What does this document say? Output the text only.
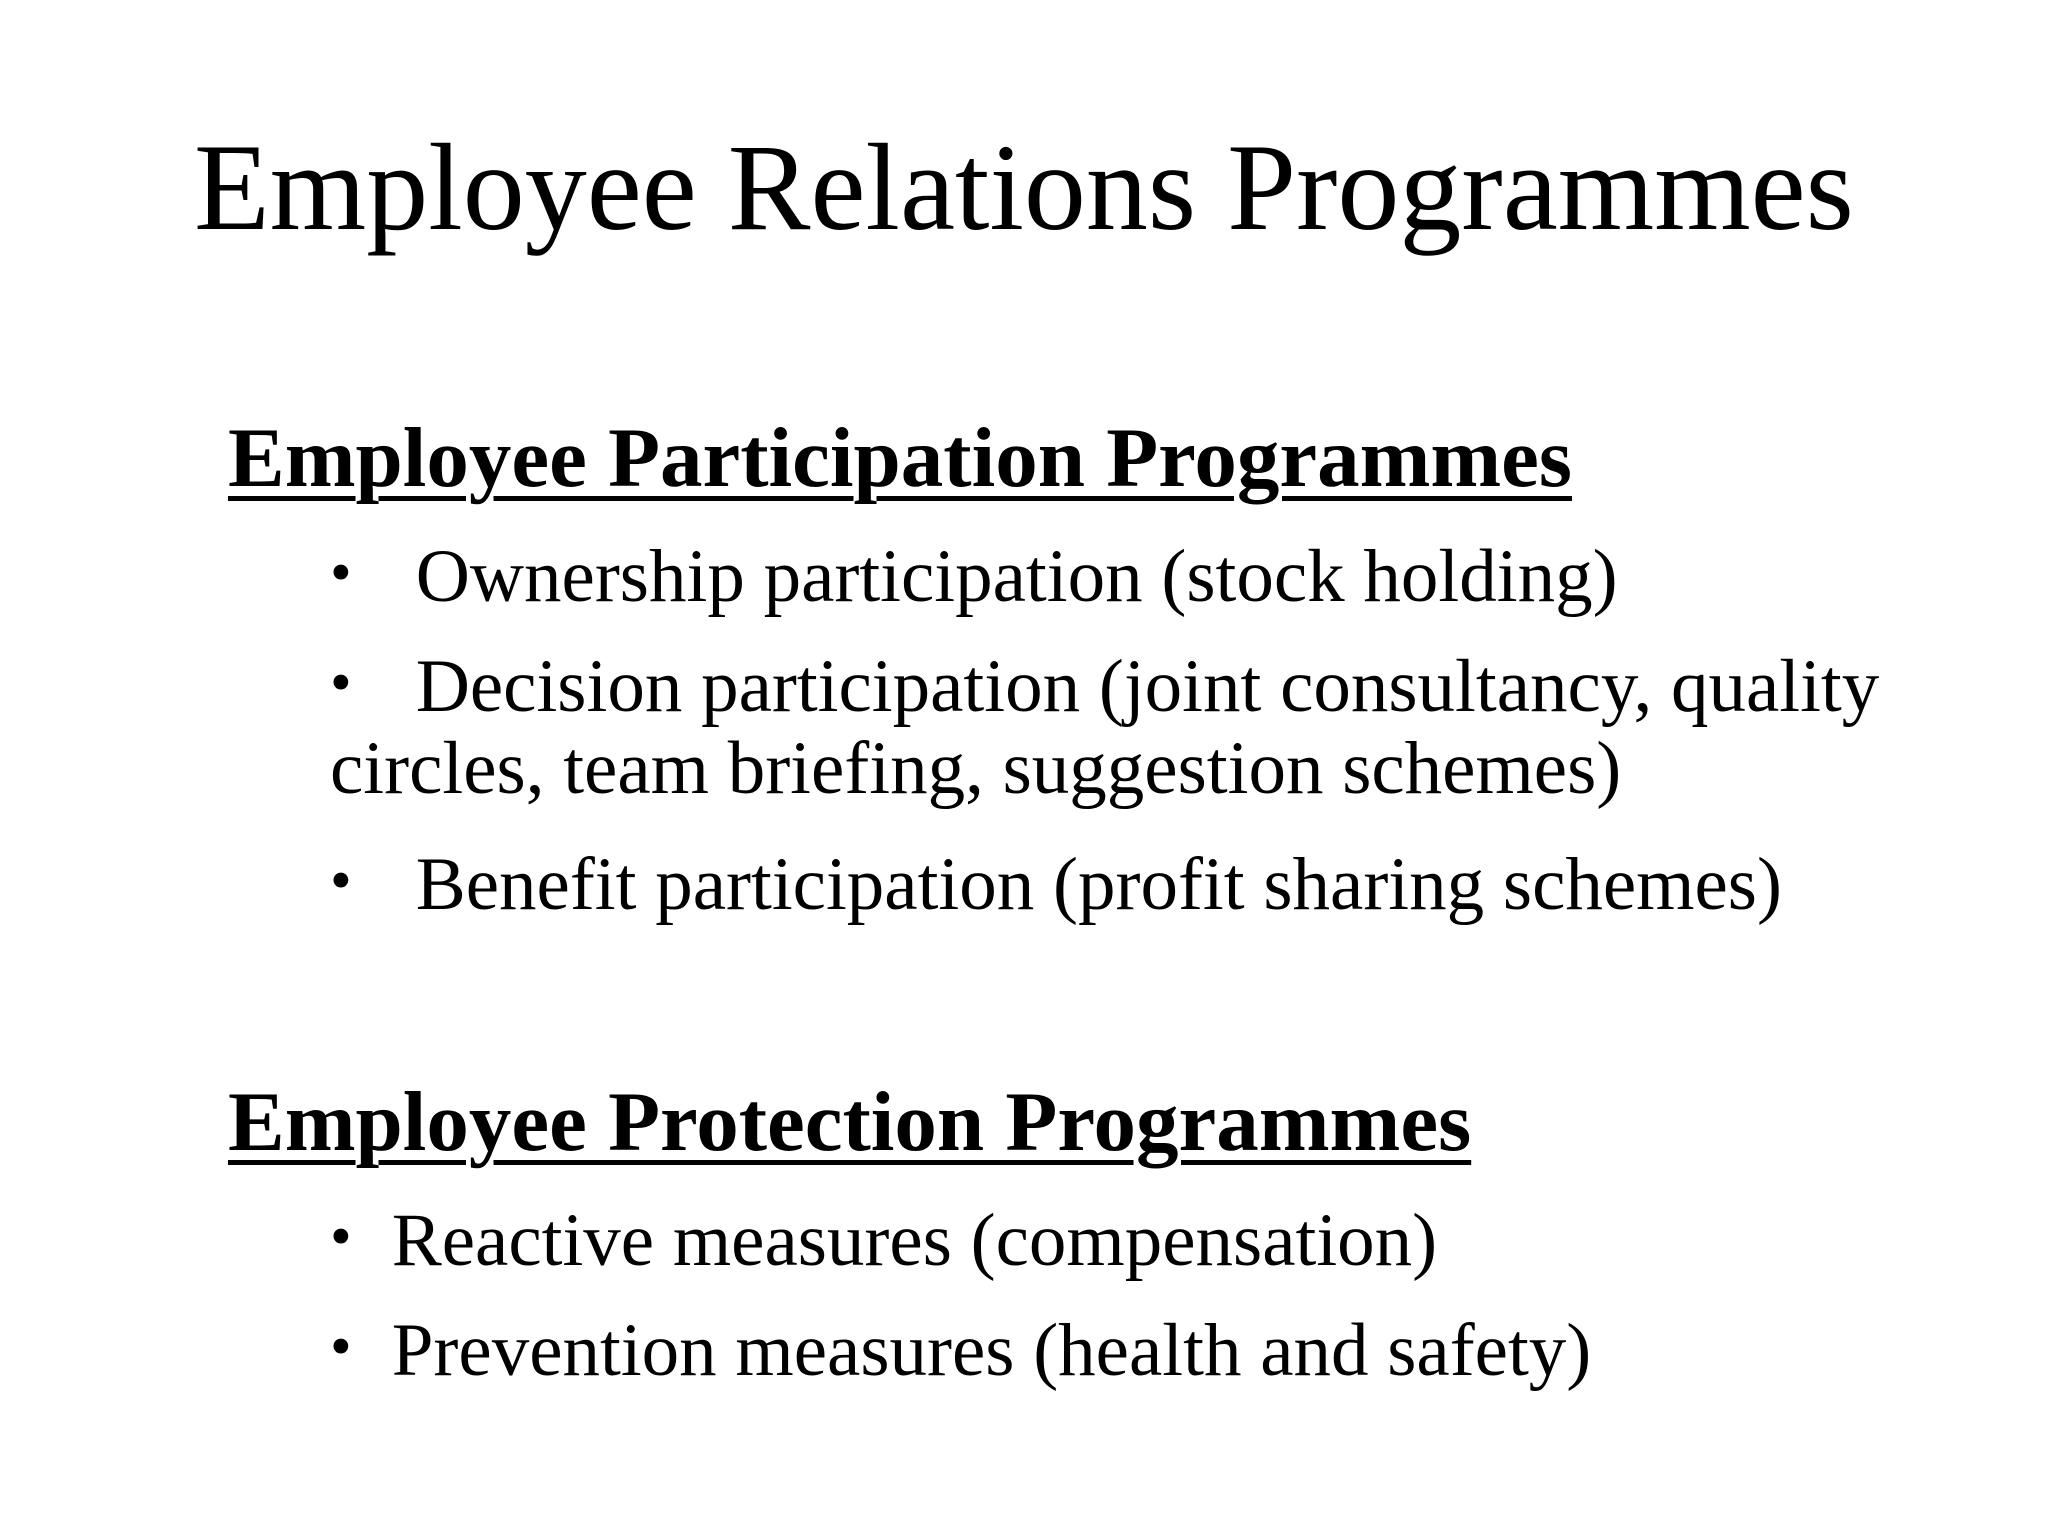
Employee Relations Programmes
Employee Participation Programmes

• Ownership participation (stock holding)

• Decision participation (joint consultancy, quality

circles, team briefing, suggestion schemes)

• Benefit participation (profit sharing schemes)

Employee Protection Programmes

• Reactive measures (compensation)

• Prevention measures (health and safety)
